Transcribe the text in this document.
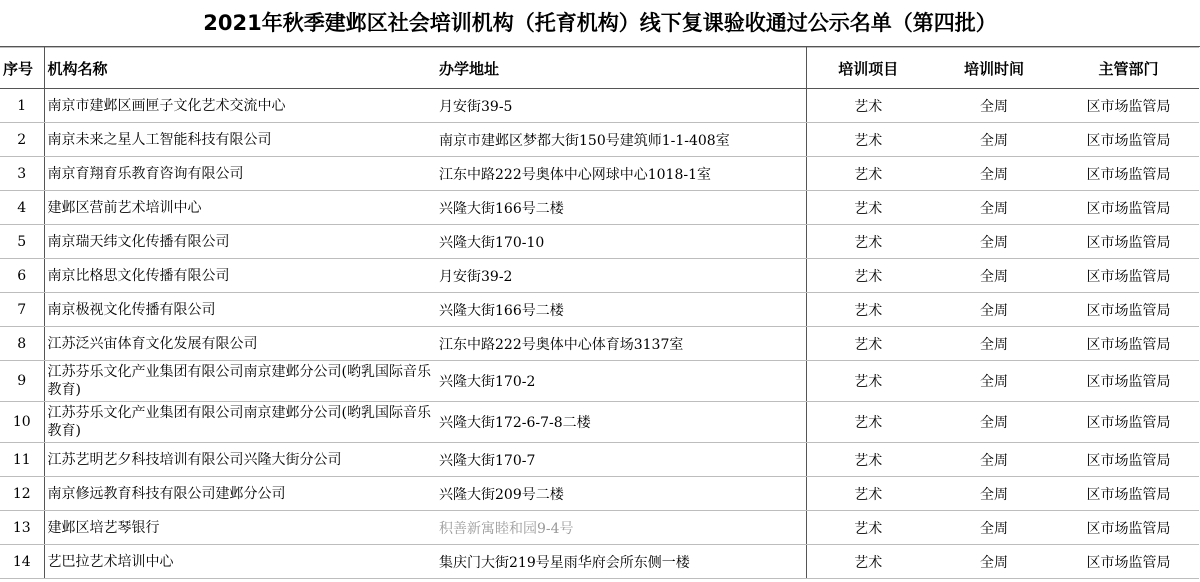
2021年秋季建邺区社会培训机构（托育机构）线下复课验收通过公示名单（第四批）
序号	机构名称	办学地址	培训项目	培训时间	主管部门
1	南京市建邺区画匣子文化艺术交流中心	月安街39-5	艺术	全周	区市场监管局
2	南京未来之星人工智能科技有限公司	南京市建邺区梦都大街150号建筑师1-1-408室	艺术	全周	区市场监管局
3	南京育翔育乐教育咨询有限公司	江东中路222号奥体中心网球中心1018-1室	艺术	全周	区市场监管局
4	建邺区营前艺术培训中心	兴隆大街166号二楼	艺术	全周	区市场监管局
5	南京瑞天纬文化传播有限公司	兴隆大街170-10	艺术	全周	区市场监管局
6	南京比格思文化传播有限公司	月安街39-2	艺术	全周	区市场监管局
7	南京极视文化传播有限公司	兴隆大街166号二楼	艺术	全周	区市场监管局
8	江苏泛兴宙体育文化发展有限公司	江东中路222号奥体中心体育场3137室	艺术	全周	区市场监管局
9	江苏芬乐文化产业集团有限公司南京建邺分公司(哟乳国际音乐教育)	兴隆大街170-2	艺术	全周	区市场监管局
10	江苏芬乐文化产业集团有限公司南京建邺分公司(哟乳国际音乐教育)	兴隆大街172-6-7-8二楼	艺术	全周	区市场监管局
11	江苏艺明艺夕科技培训有限公司兴隆大街分公司	兴隆大街170-7	艺术	全周	区市场监管局
12	南京修远教育科技有限公司建邺分公司	兴隆大街209号二楼	艺术	全周	区市场监管局
13	建邺区培艺琴银行	积善新寓睦和园9-4号	艺术	全周	区市场监管局
14	艺巴拉艺术培训中心	集庆门大街219号星雨华府会所东侧一楼	艺术	全周	区市场监管局
